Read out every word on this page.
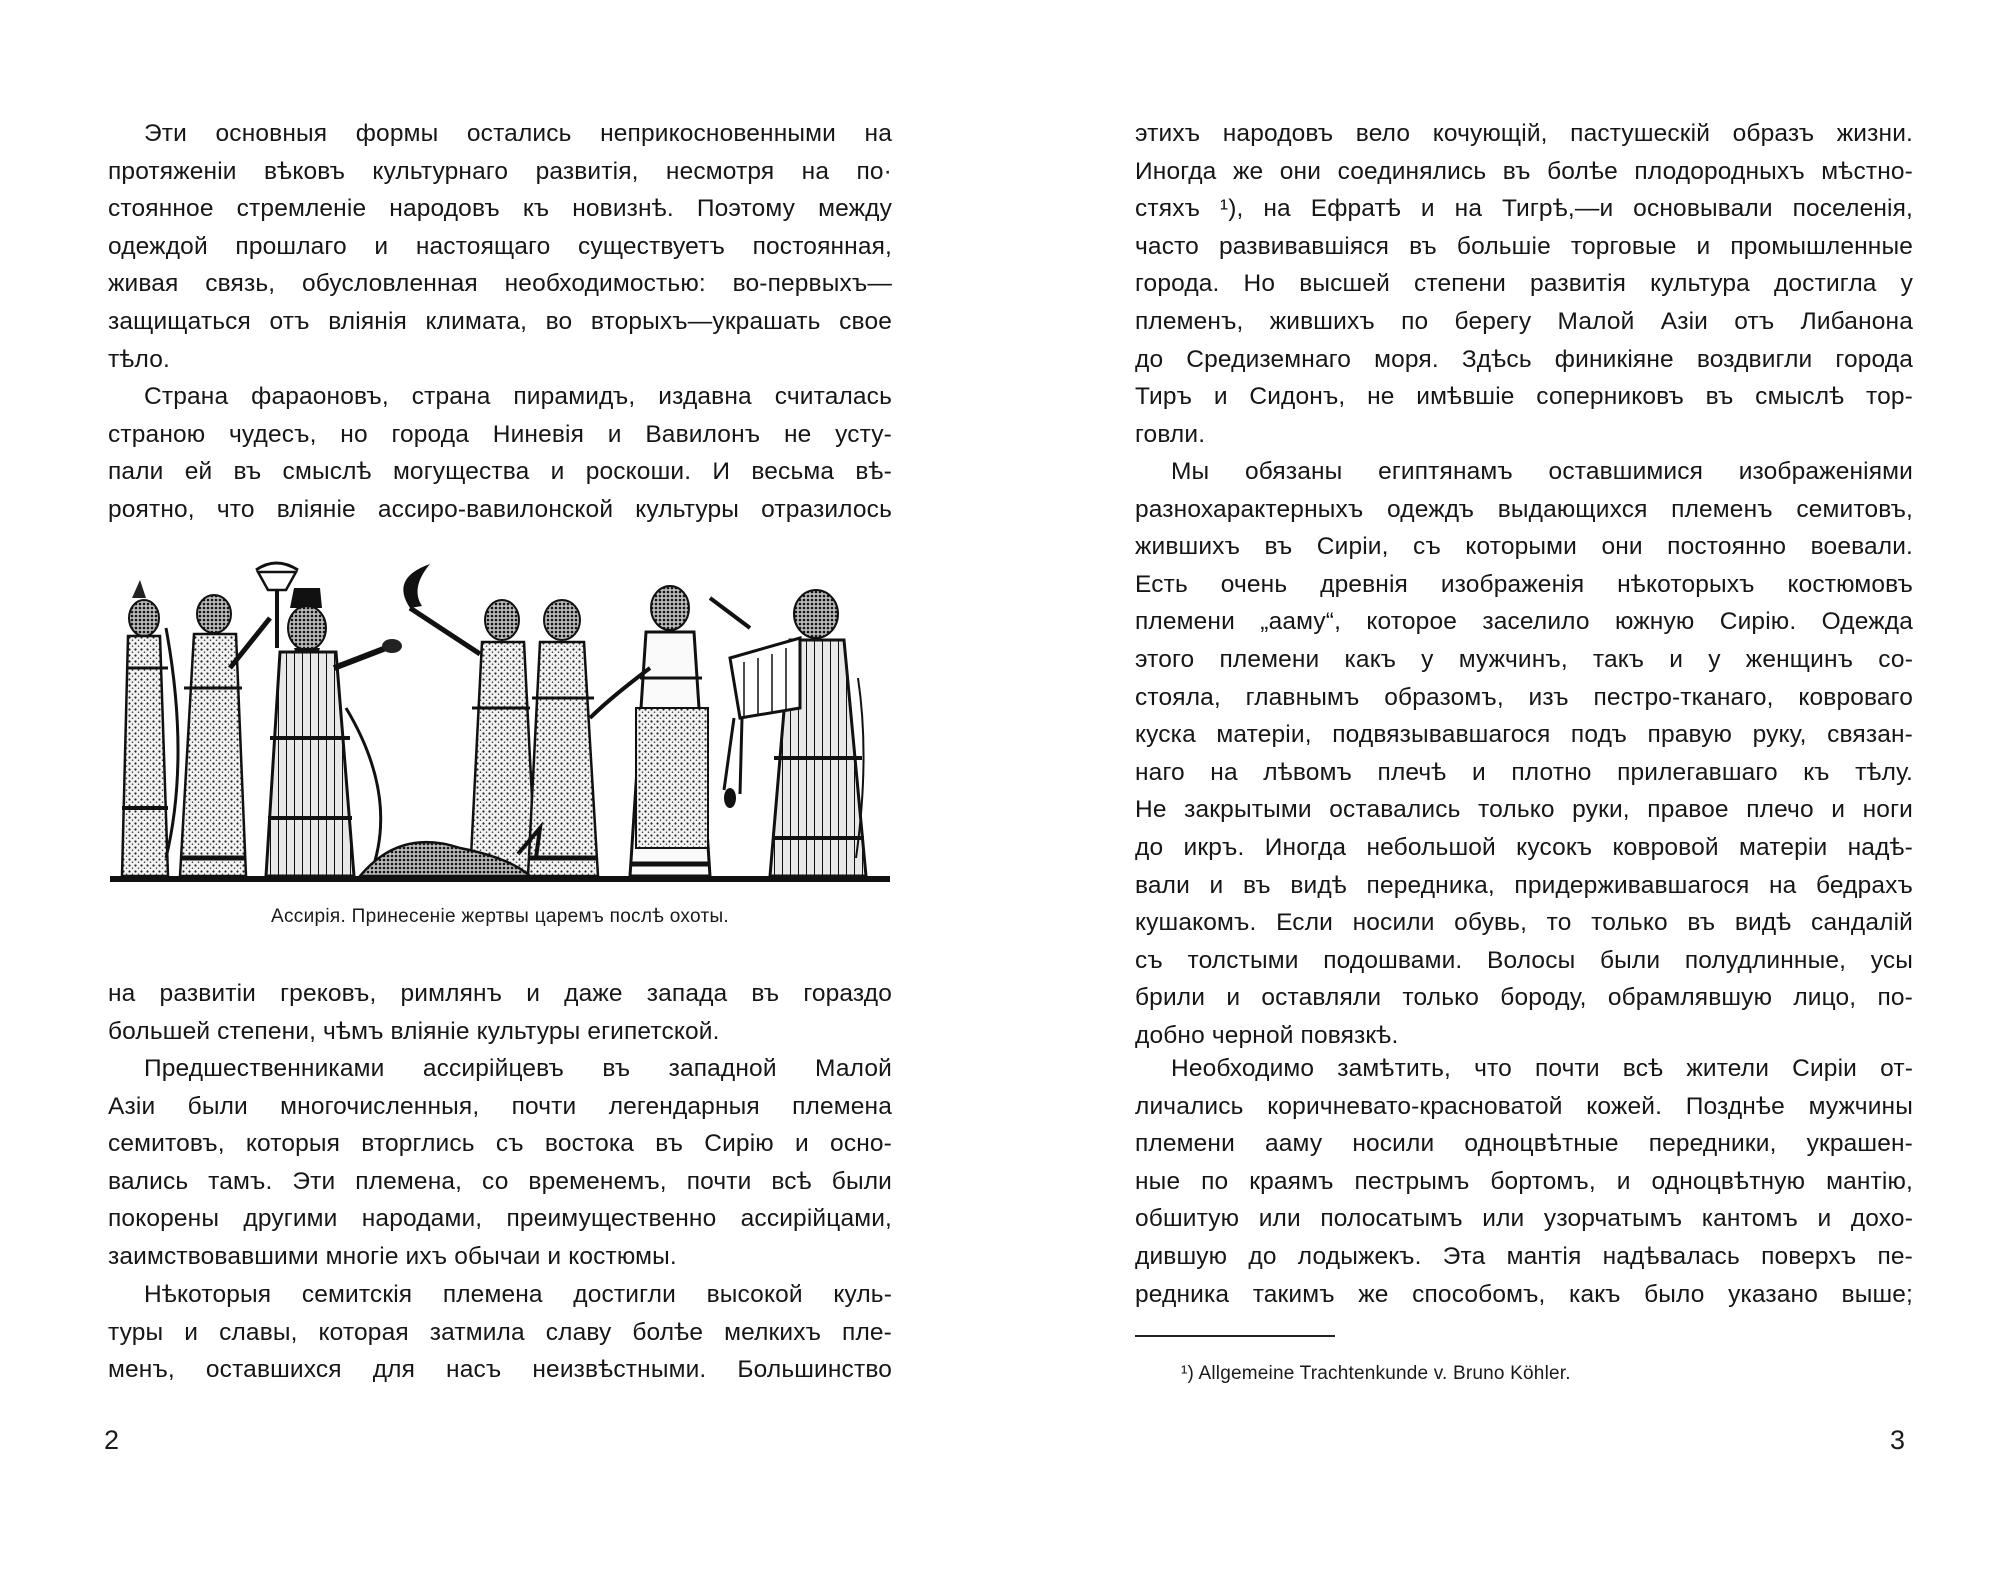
Эти основныя формы остались неприкосновенными на
протяженіи вѣковъ культурнаго развитія, несмотря на по·
стоянное стремленіе народовъ къ новизнѣ. Поэтому между
одеждой прошлаго и настоящаго существуетъ постоянная,
живая связь, обусловленная необходимостью: во-первыхъ—
защищаться отъ вліянія климата, во вторыхъ—украшать свое
тѣло.

Страна фараоновъ, страна пирамидъ, издавна считалась
страною чудесъ, но города Ниневія и Вавилонъ не усту-
пали ей въ смыслѣ могущества и роскоши. И весьма вѣ-
роятно, что вліяніе ассиро-вавилонской культуры отразилось

Ассирія. Принесеніе жертвы царемъ послѣ охоты.

на развитіи грековъ, римлянъ и даже запада въ гораздо
большей степени, чѣмъ вліяніе культуры египетской.

Предшественниками ассирійцевъ въ западной Малой
Азіи были многочисленныя, почти легендарныя племена
семитовъ, которыя вторглись съ востока въ Сирію и осно-
вались тамъ. Эти племена, со временемъ, почти всѣ были
покорены другими народами, преимущественно ассирійцами,
заимствовавшими многіе ихъ обычаи и костюмы.

Нѣкоторыя семитскія племена достигли высокой куль-
туры и славы, которая затмила славу болѣе мелкихъ пле-
менъ, оставшихся для насъ неизвѣстными. Большинство

2

этихъ народовъ вело кочующій, пастушескій образъ жизни.
Иногда же они соединялись въ болѣе плодородныхъ мѣстно-
стяхъ ¹), на Ефратѣ и на Тигрѣ,—и основывали поселенія,
часто развивавшіяся въ большіе торговые и промышленные
города. Но высшей степени развитія культура достигла у
племенъ, жившихъ по берегу Малой Азіи отъ Либанона
до Средиземнаго моря. Здѣсь финикіяне воздвигли города
Тиръ и Сидонъ, не имѣвшіе соперниковъ въ смыслѣ тор-
говли.

Мы обязаны египтянамъ оставшимися изображеніями
разнохарактерныхъ одеждъ выдающихся племенъ семитовъ,
жившихъ въ Сиріи, съ которыми они постоянно воевали.
Есть очень древнія изображенія нѣкоторыхъ костюмовъ
племени „ааму“, которое заселило южную Сирію. Одежда
этого племени какъ у мужчинъ, такъ и у женщинъ со-
стояла, главнымъ образомъ, изъ пестро-тканаго, ковроваго
куска матеріи, подвязывавшагося подъ правую руку, связан-
наго на лѣвомъ плечѣ и плотно прилегавшаго къ тѣлу.
Не закрытыми оставались только руки, правое плечо и ноги
до икръ. Иногда небольшой кусокъ ковровой матеріи надѣ-
вали и въ видѣ передника, придерживавшагося на бедрахъ
кушакомъ. Если носили обувь, то только въ видѣ сандалій
съ толстыми подошвами. Волосы были полудлинные, усы
брили и оставляли только бороду, обрамлявшую лицо, по-
добно черной повязкѣ.

Необходимо замѣтить, что почти всѣ жители Сиріи от-
личались коричневато-красноватой кожей. Позднѣе мужчины
племени ааму носили одноцвѣтные передники, украшен-
ные по краямъ пестрымъ бортомъ, и одноцвѣтную мантію,
обшитую или полосатымъ или узорчатымъ кантомъ и дохо-
дившую до лодыжекъ. Эта мантія надѣвалась поверхъ пе-
редника такимъ же способомъ, какъ было указано выше;

¹) Allgemeine Trachtenkunde v. Bruno Köhler.
3
